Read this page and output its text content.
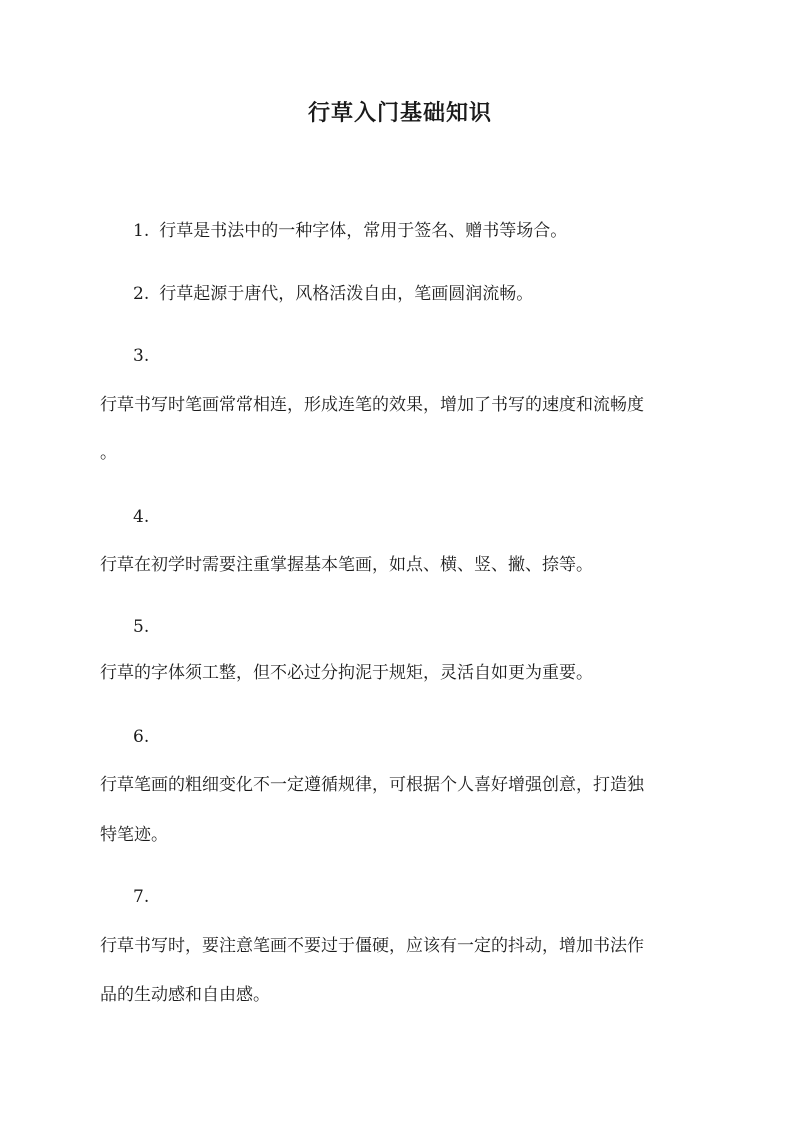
行草入门基础知识

1. 行草是书法中的一种字体，常用于签名、赠书等场合。

2. 行草起源于唐代，风格活泼自由，笔画圆润流畅。

3.

行草书写时笔画常常相连，形成连笔的效果，增加了书写的速度和流畅度

。

4.

行草在初学时需要注重掌握基本笔画，如点、横、竖、撇、捺等。

5.

行草的字体须工整，但不必过分拘泥于规矩，灵活自如更为重要。

6.

行草笔画的粗细变化不一定遵循规律，可根据个人喜好增强创意，打造独

特笔迹。

7.

行草书写时，要注意笔画不要过于僵硬，应该有一定的抖动，增加书法作

品的生动感和自由感。
